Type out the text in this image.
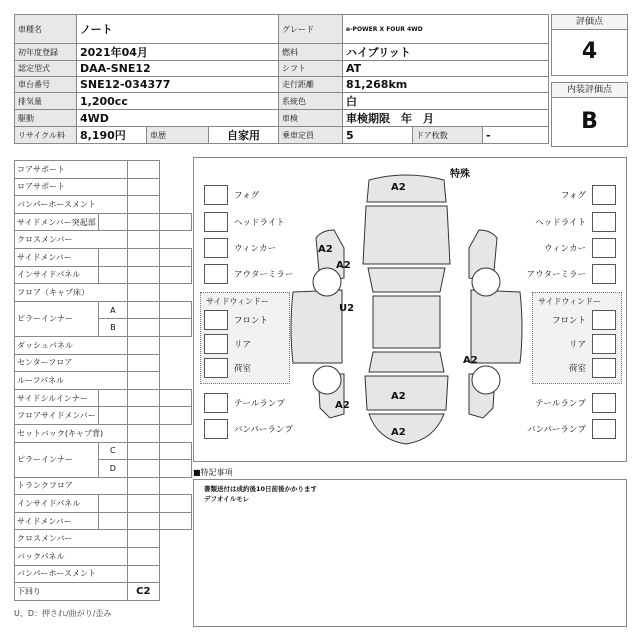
車種名	ノート			グレード	e-POWER X FOUR 4WD		
初年度登録	2021年04月			燃料	ハイブリット		
認定型式	DAA-SNE12			シフト	AT		
車台番号	SNE12-034377			走行距離	81,268km		
排気量	1,200cc			系統色	白		
駆動	4WD			車検	車検期限　年　月		
リサイクル料	8,190円	車歴	自家用	乗車定員	5	ドア枚数	-
評価点
4
内装評価点
B
コアサポート			
ロアサポート			
バンパーホースメント			
サイドメンバー突起部			
クロスメンバー			
サイドメンバー			
インサイドパネル			
フロア（キャブ床）			
ピラーインナー	A		
	B		
ダッシュパネル			
センターフロア			
ルーフパネル			
サイドシルインナー			
フロアサイドメンバー			
セットバック(キャブ背)			
ピラーインナー	C		
	D		
トランクフロア			
インサイドパネル			
サイドメンバー			
クロスメンバー			
バックパネル			
バンパーホースメント			
下回り		C2	
特殊
フォグ
ヘッドライト
ウィンカー
アウターミラー
フォグ
ヘッドライト
ウィンカー
アウターミラー
サイドウィンドー
フロント
リア
荷室
サイドウィンドー
フロント
リア
荷室
テールランプ
バンパーランプ
テールランプ
バンパーランプ
A2
A2
A2
U2
A2
A2
A2
A2
■特記事項
書類送付は成約後10日前後かかります
デフオイルモレ
U、D：押され/曲がり/歪み
